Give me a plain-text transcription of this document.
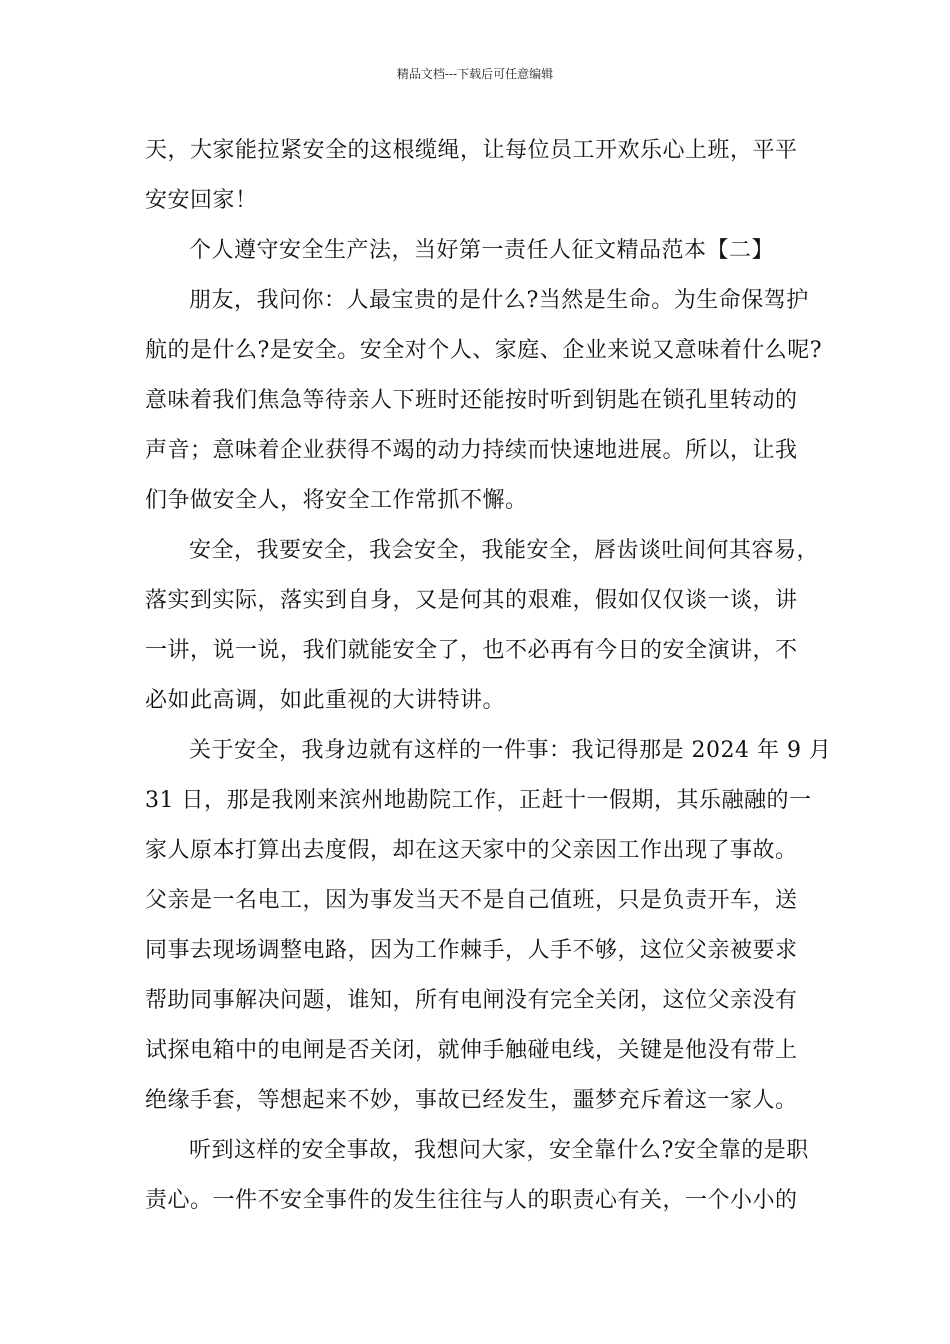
精品文档---下载后可任意编辑
天，大家能拉紧安全的这根缆绳，让每位员工开欢乐心上班，平平
安安回家！
个人遵守安全生产法，当好第一责任人征文精品范本【二】
朋友，我问你：人最宝贵的是什么?当然是生命。为生命保驾护
航的是什么?是安全。安全对个人、家庭、企业来说又意味着什么呢?
意味着我们焦急等待亲人下班时还能按时听到钥匙在锁孔里转动的
声音；意味着企业获得不竭的动力持续而快速地进展。所以，让我
们争做安全人，将安全工作常抓不懈。
安全，我要安全，我会安全，我能安全，唇齿谈吐间何其容易，
落实到实际，落实到自身，又是何其的艰难，假如仅仅谈一谈，讲
一讲，说一说，我们就能安全了，也不必再有今日的安全演讲，不
必如此高调，如此重视的大讲特讲。
关于安全，我身边就有这样的一件事：我记得那是 2024 年 9 月
31 日，那是我刚来滨州地勘院工作，正赶十一假期，其乐融融的一
家人原本打算出去度假，却在这天家中的父亲因工作出现了事故。
父亲是一名电工，因为事发当天不是自己值班，只是负责开车，送
同事去现场调整电路，因为工作棘手，人手不够，这位父亲被要求
帮助同事解决问题，谁知，所有电闸没有完全关闭，这位父亲没有
试探电箱中的电闸是否关闭，就伸手触碰电线，关键是他没有带上
绝缘手套，等想起来不妙，事故已经发生，噩梦充斥着这一家人。
听到这样的安全事故，我想问大家，安全靠什么?安全靠的是职
责心。一件不安全事件的发生往往与人的职责心有关，一个小小的
